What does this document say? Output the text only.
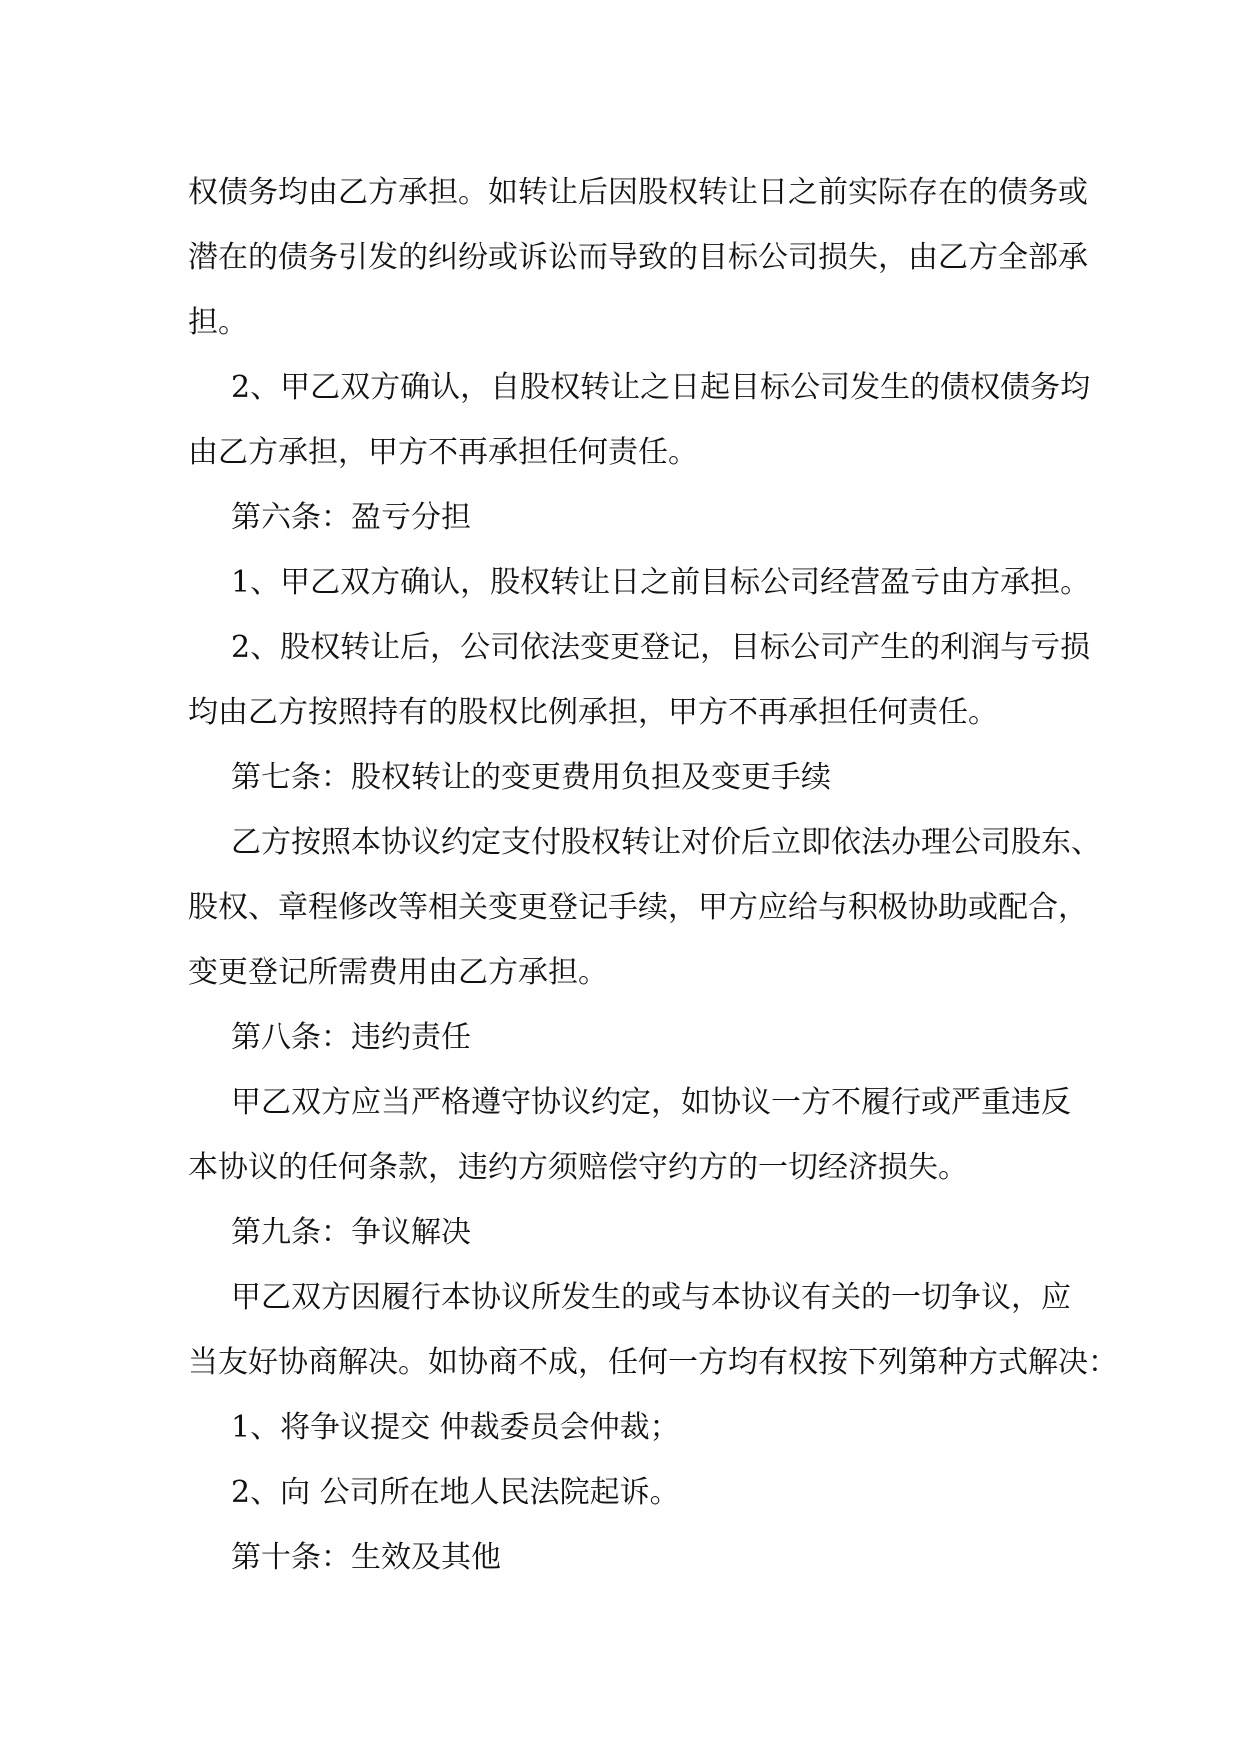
权债务均由乙方承担。如转让后因股权转让日之前实际存在的债务或
潜在的债务引发的纠纷或诉讼而导致的目标公司损失，由乙方全部承
担。
2、甲乙双方确认，自股权转让之日起目标公司发生的债权债务均
由乙方承担，甲方不再承担任何责任。
第六条：盈亏分担
1、甲乙双方确认，股权转让日之前目标公司经营盈亏由方承担。
2、股权转让后，公司依法变更登记，目标公司产生的利润与亏损
均由乙方按照持有的股权比例承担，甲方不再承担任何责任。
第七条：股权转让的变更费用负担及变更手续
乙方按照本协议约定支付股权转让对价后立即依法办理公司股东、
股权、章程修改等相关变更登记手续，甲方应给与积极协助或配合，
变更登记所需费用由乙方承担。
第八条：违约责任
甲乙双方应当严格遵守协议约定，如协议一方不履行或严重违反
本协议的任何条款，违约方须赔偿守约方的一切经济损失。
第九条：争议解决
甲乙双方因履行本协议所发生的或与本协议有关的一切争议，应
当友好协商解决。如协商不成，任何一方均有权按下列第种方式解决：
1、将争议提交 仲裁委员会仲裁；
2、向 公司所在地人民法院起诉。
第十条：生效及其他
